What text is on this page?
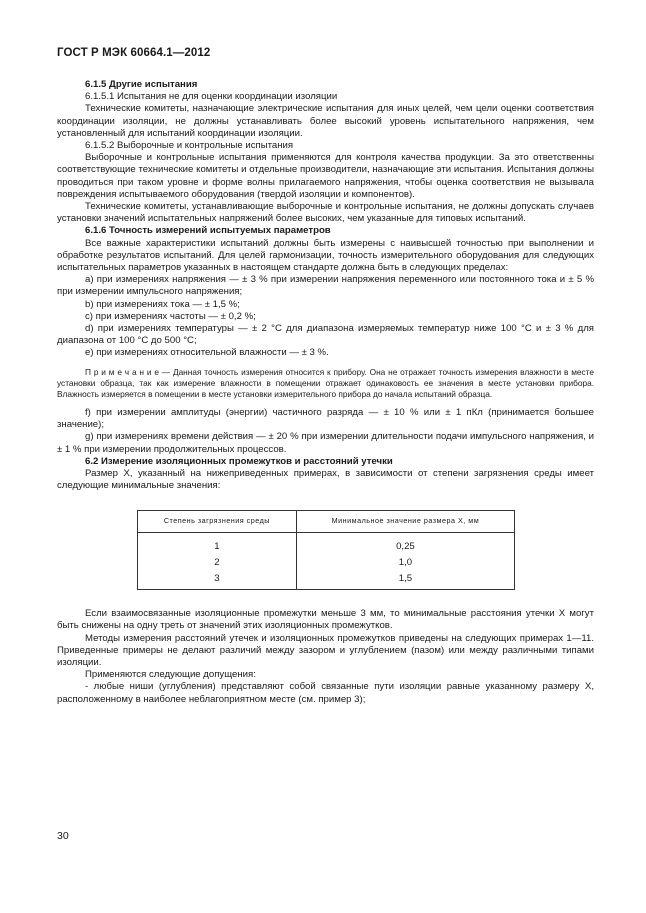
ГОСТ Р МЭК 60664.1—2012

6.1.5 Другие испытания

6.1.5.1 Испытания не для оценки координации изоляции

Технические комитеты, назначающие электрические испытания для иных целей, чем цели оценки соответствия координации изоляции, не должны устанавливать более высокий уровень испытательного напряжения, чем установленный для испытаний координации изоляции.

6.1.5.2 Выборочные и контрольные испытания

Выборочные и контрольные испытания применяются для контроля качества продукции. За это ответственны соответствующие технические комитеты и отдельные производители, назначающие эти испытания. Испытания должны проводиться при таком уровне и форме волны прилагаемого напряжения, чтобы оценка соответствия не вызывала повреждения испытываемого оборудования (твердой изоляции и компонентов).

Технические комитеты, устанавливающие выборочные и контрольные испытания, не должны допускать случаев установки значений испытательных напряжений более высоких, чем указанные для типовых испытаний.

6.1.6 Точность измерений испытуемых параметров

Все важные характеристики испытаний должны быть измерены с наивысшей точностью при выполнении и обработке результатов испытаний. Для целей гармонизации, точность измерительного оборудования для следующих испытательных параметров указанных в настоящем стандарте должна быть в следующих пределах:

a) при измерениях напряжения — ± 3 % при измерении напряжения переменного или постоянного тока и ± 5 % при измерении импульсного напряжения;

b) при измерениях тока — ± 1,5 %;

c) при измерениях частоты — ± 0,2 %;

d) при измерениях температуры — ± 2 °С для диапазона измеряемых температур ниже 100 °С и ± 3 % для диапазона от 100 °С до 500 °С;

e) при измерениях относительной влажности — ± 3 %.

П р и м е ч а н и е — Данная точность измерения относится к прибору. Она не отражает точность измерения влажности в месте установки образца, так как измерение влажности в помещении отражает одинаковость ее значения в месте установки прибора. Влажность измеряется в помещении в месте установки измерительного прибора до начала испытаний образца.

f) при измерении амплитуды (энергии) частичного разряда — ± 10 % или ± 1 пКл (принимается большее значение);

g) при измерениях времени действия — ± 20 % при измерении длительности подачи импульсного напряжения, и ± 1 % при измерении продолжительных процессов.

6.2 Измерение изоляционных промежутков и расстояний утечки

Размер X, указанный на нижеприведенных примерах, в зависимости от степени загрязнения среды имеет следующие минимальные значения:

Степень загрязнения среды	Минимальное значение размера X, мм

1	0,25
2	1,0
3	1,5

Если взаимосвязанные изоляционные промежутки меньше 3 мм, то минимальные расстояния утечки X могут быть снижены на одну треть от значений этих изоляционных промежутков.

Методы измерения расстояний утечек и изоляционных промежутков приведены на следующих примерах 1—11. Приведенные примеры не делают различий между зазором и углублением (пазом) или между различными типами изоляции.

Применяются следующие допущения:

- любые ниши (углубления) представляют собой связанные пути изоляции равные указанному размеру X, расположенному в наиболее неблагоприятном месте (см. пример 3);

30
